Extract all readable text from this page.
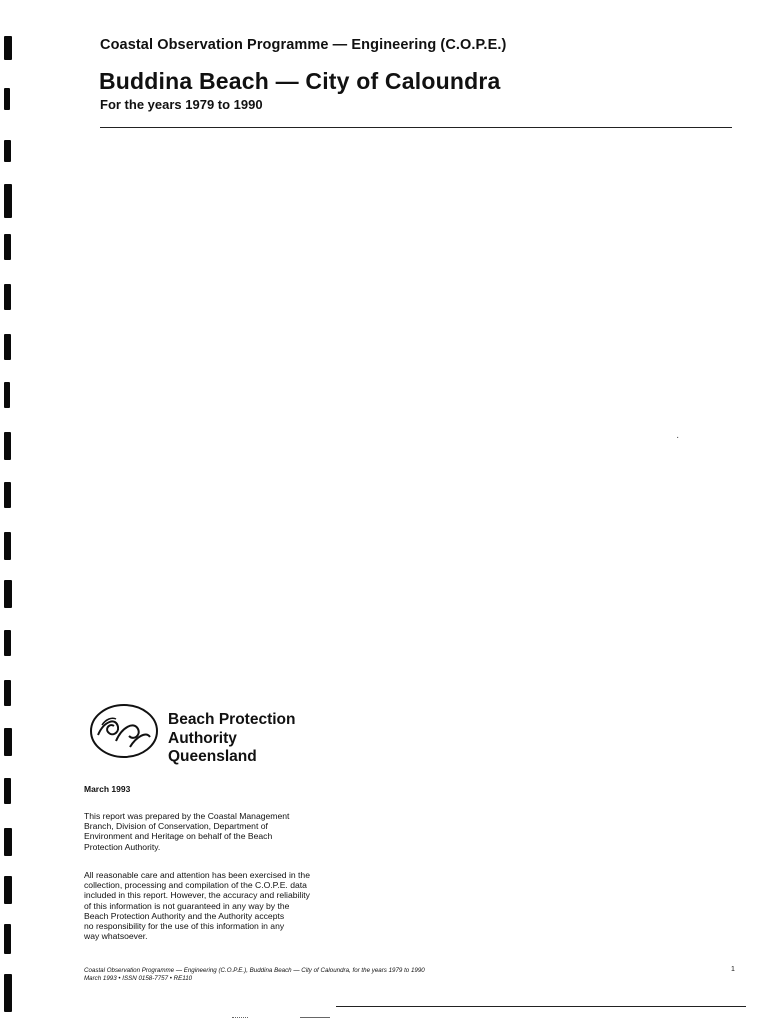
Coastal Observation Programme — Engineering (C.O.P.E.)
Buddina Beach — City of Caloundra
For the years 1979 to 1990
·
Beach Protection
Authority
Queensland
March 1993
This report was prepared by the Coastal Management
Branch, Division of Conservation, Department of
Environment and Heritage on behalf of the Beach
Protection Authority.
All reasonable care and attention has been exercised in the
collection, processing and compilation of the C.O.P.E. data
included in this report. However, the accuracy and reliability
of this information is not guaranteed in any way by the
Beach Protection Authority and the Authority accepts
no responsibility for the use of this information in any
way whatsoever.
Coastal Observation Programme — Engineering (C.O.P.E.), Buddina Beach — City of Caloundra, for the years 1979 to 1990
March 1993 • ISSN 0158-7757 • RE110
1
